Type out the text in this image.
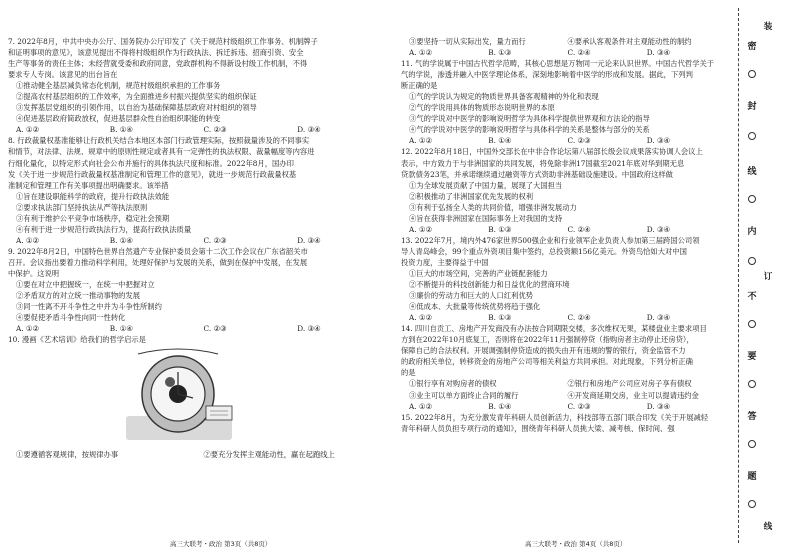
7. 2022年8月，中共中央办公厅、国务院办公厅印发了《关于规范村级组织工作事务、机制牌子
和证明事项的意见》，该意见提出不得将村级组织作为行政执法、拆迁拆违、招商引资、安全
生产等事务的责任主体；未经营就受委和政府同意，党政群机构不得新设村级工作机制，不得
要求专人专岗。该意见的出台旨在
①推动健全基层减负常态化机制，规范村级组织承担的工作事务
②提高农村基层组织的工作效率，为全面推进乡村振兴提供坚实的组织保证
③发挥基层党组织的引领作用，以自治为基础保障基层政府对村组织的领导
④促进基层政府简政放权，促进基层群众性自治组织职能的转变
A. ①②	B. ①④	C. ②③	D. ③④
8. 行政裁量权基准能够让行政机关结合本地区本部门行政管理实际，按照裁量涉及的不同事实
和情节，对法律、法规、规章中的原则性规定或者具有一定弹性的执法权限、裁量幅度等内容进
行细化量化，以特定形式向社会公布并施行的具体执法尺度和标准。2022年8月，国办印
发《关于进一步规范行政裁量权基准制定和管理工作的意见》，就进一步规范行政裁量权基
准制定和管理工作有关事项提出明确要求。该举措
①旨在建设职能科学的政府，提升行政执法效能
②要求执法部门坚持执法从严等执法原则
③有利于维护公平竞争市场秩序，稳定社会预期
④有利于进一步规范行政执法行为，提高行政执法质量
A. ①②	B. ①④	C. ②③	D. ③④
9. 2022年8月2日，中国特色世界自然遗产专业保护委员会第十二次工作会议在广东省韶关市
召开。会议指出要着力推动科学利用，处理好保护与发展的关系，做到在保护中发展，在发展
中保护。这说明
①要在对立中把握统一，在统一中把握对立
②矛盾双方的对立统一推动事物的发展
③同一性离不开斗争性之中并为斗争性所制约
④要促使矛盾斗争性向同一性转化
A. ①②	B. ①④	C. ②③	D. ③④
10. 漫画《艺术培训》给我们的哲学启示是
①要遵循客观规律，按规律办事	②要充分发挥主观能动性，赢在起跑线上
③要坚持一切从实际出发，量力而行	④要承认客观条件对主观能动性的制约
A. ①②	B. ①③	C. ②④	D. ③④
11. 气的学说属于中国古代哲学范畴，其核心思想是万物同一元论来认识世界。中国古代哲学关于
气的学说，渗透并融入中医学理论体系，深刻地影响着中医学的形成和发展。据此，下列判
断正确的是
①气的学说认为规定的物质世界具备客观精神的外化和表现
②气的学说用具体的物质形态说明世界的本原
③气的学说对中医学的影响说明哲学为具体科学提供世界观和方法论的指导
④气的学说对中医学的影响说明哲学与具体科学的关系是整体与部分的关系
A. ①②	B. ①④	C. ②③	D. ③④
12. 2022年8月18日，中国外交部长在中非合作论坛第八届部长级会议成果落实协调人会议上
表示，中方致力于与非洲国家的共同发展，将免除非洲17国截至2021年底对华到期无息
贷款债务23笔，并承诺继续通过融资等方式资助非洲基础设施建设。中国政府这样做
①为全球发展贡献了中国力量，展现了大国担当
②积极推动了非洲国家优先发展的权利
③有利于弘扬全人类的共同价值，增强非洲发展动力
④旨在获得非洲国家在国际事务上对我国的支持
A. ①②	B. ①③	C. ②④	D. ③④
13. 2022年7月，境内外476家世界500强企业和行业领军企业负责人参加第三届跨国公司领
导人青岛峰会，99个重点外资项目集中签约，总投资额156亿美元。外资鸟恰如大对中国
投资力度，主要得益于中国
①巨大的市场空间，完善的产业链配套能力
②不断提升的科技创新能力和日益优化的营商环境
③廉价的劳动力和巨大的人口红利优势
④低成本、大批量等传统优势将趋于强化
A. ①②	B. ①③	C. ②④	D. ③④
14. 四川自贡工、房地产开发商没有办法按合同期限交楼，多次维权无果，某楼盘业主要求项目
方到在2022年10月底复工，否则将在2022年11月强制停贷（指购房者主动停止还房贷），
保障自己的合法权利。开展调强制停贷造成的损失由开有违规的警的银行，资金监管不力
的政府相关单位，转移资金的房地产公司等相关利益方共同承担。对此现象，下列分析正确
的是
①银行享有对购房者的债权	②银行和房地产公司应对房子享有债权
③业主可以单方面终止合同的履行	④开发商延期交房，业主可以提请违约金
A. ①②	B. ①④	C. ②③	D. ③④
15. 2022年8月，为充分激发青年科研人员创新活力，科技部等五部门联合印发《关于开展减轻
青年科研人员负担专项行动的通知》，围绕青年科研人员挑大梁、减考核、保时间、强
高三大联考・政治 第3页（共8页）	高三大联考・政治 第4页（共8页）
密
封
线
内
不
要
答
题
装
订
线
